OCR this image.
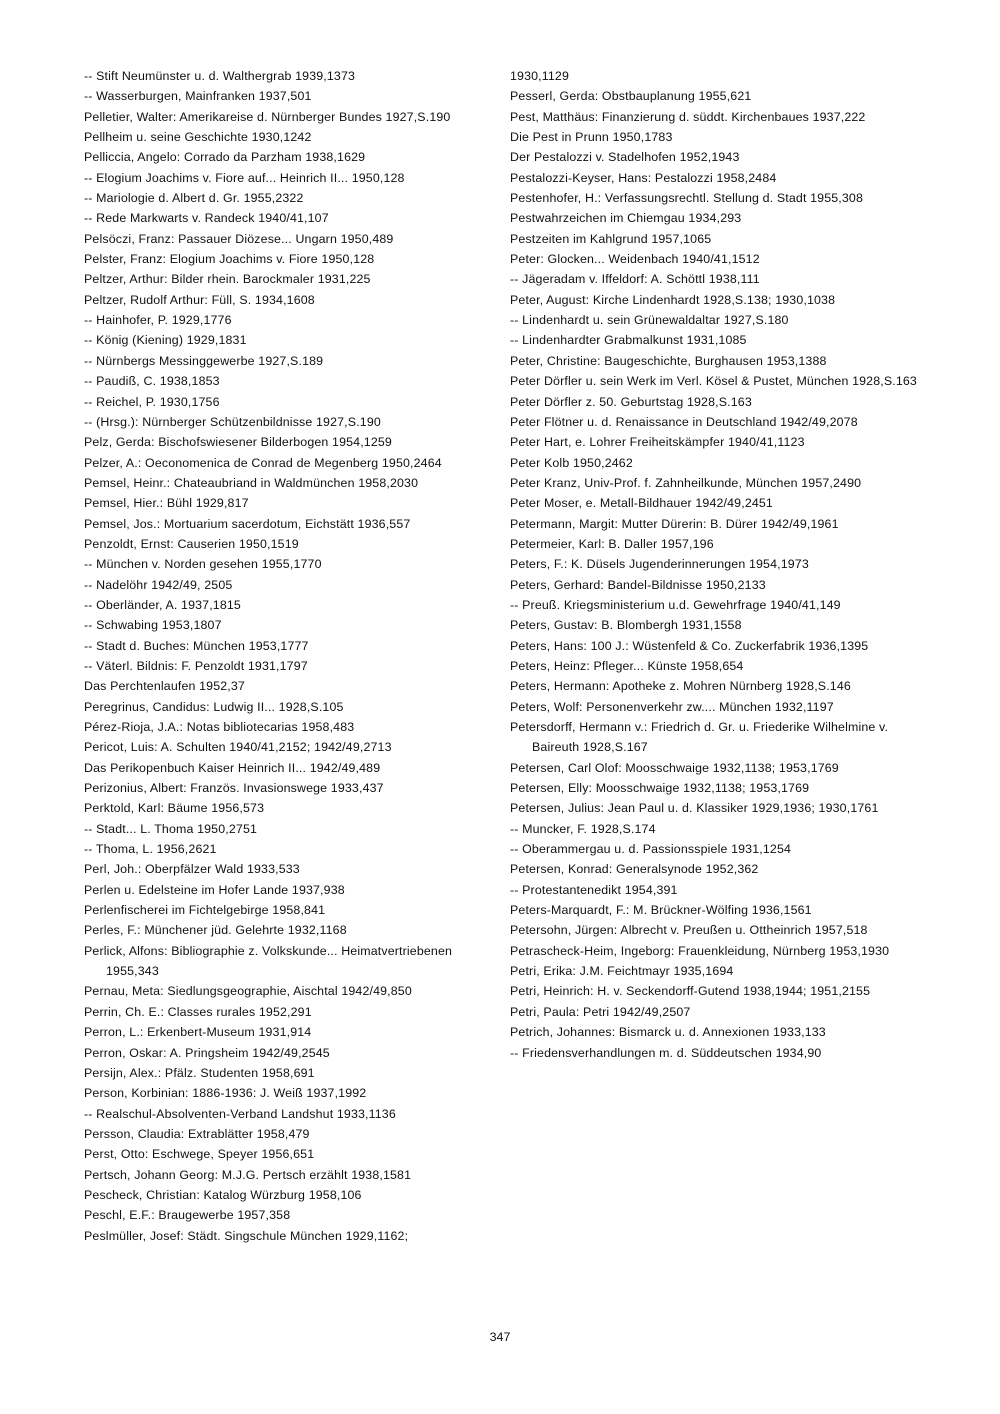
-- Stift Neumünster u. d. Walthergrab 1939,1373
-- Wasserburgen, Mainfranken 1937,501
Pelletier, Walter: Amerikareise d. Nürnberger Bundes 1927,S.190
Pellheim u. seine Geschichte 1930,1242
Pelliccia, Angelo: Corrado da Parzham 1938,1629
-- Elogium Joachims v. Fiore auf... Heinrich II... 1950,128
-- Mariologie d. Albert d. Gr. 1955,2322
-- Rede Markwarts v. Randeck 1940/41,107
Pelsöczi, Franz: Passauer Diözese... Ungarn 1950,489
Pelster, Franz: Elogium Joachims v. Fiore 1950,128
Peltzer, Arthur: Bilder rhein. Barockmaler 1931,225
Peltzer, Rudolf Arthur: Füll, S. 1934,1608
-- Hainhofer, P. 1929,1776
-- König (Kiening) 1929,1831
-- Nürnbergs Messinggewerbe 1927,S.189
-- Paudiß, C. 1938,1853
-- Reichel, P. 1930,1756
-- (Hrsg.): Nürnberger Schützenbildnisse 1927,S.190
Pelz, Gerda: Bischofswiesener Bilderbogen 1954,1259
Pelzer, A.: Oeconomenica de Conrad de Megenberg 1950,2464
Pemsel, Heinr.: Chateaubriand in Waldmünchen 1958,2030
Pemsel, Hier.: Bühl 1929,817
Pemsel, Jos.: Mortuarium sacerdotum, Eichstätt 1936,557
Penzoldt, Ernst: Causerien 1950,1519
-- München v. Norden gesehen 1955,1770
-- Nadelöhr 1942/49, 2505
-- Oberländer, A. 1937,1815
-- Schwabing 1953,1807
-- Stadt d. Buches: München 1953,1777
-- Väterl. Bildnis: F. Penzoldt 1931,1797
Das Perchtenlaufen 1952,37
Peregrinus, Candidus: Ludwig II... 1928,S.105
Pérez-Rioja, J.A.: Notas bibliotecarias 1958,483
Pericot, Luis: A. Schulten 1940/41,2152; 1942/49,2713
Das Perikopenbuch Kaiser Heinrich II... 1942/49,489
Perizonius, Albert: Französ. Invasionswege 1933,437
Perktold, Karl: Bäume 1956,573
-- Stadt... L. Thoma 1950,2751
-- Thoma, L. 1956,2621
Perl, Joh.: Oberpfälzer Wald 1933,533
Perlen u. Edelsteine im Hofer Lande 1937,938
Perlenfischerei im Fichtelgebirge 1958,841
Perles, F.: Münchener jüd. Gelehrte 1932,1168
Perlick, Alfons: Bibliographie z. Volkskunde... Heimatvertriebenen 1955,343
Pernau, Meta: Siedlungsgeographie, Aischtal 1942/49,850
Perrin, Ch. E.: Classes rurales 1952,291
Perron, L.: Erkenbert-Museum 1931,914
Perron, Oskar: A. Pringsheim 1942/49,2545
Persijn, Alex.: Pfälz. Studenten 1958,691
Person, Korbinian: 1886-1936: J. Weiß 1937,1992
-- Realschul-Absolventen-Verband Landshut 1933,1136
Persson, Claudia: Extrablätter 1958,479
Perst, Otto: Eschwege, Speyer 1956,651
Pertsch, Johann Georg: M.J.G. Pertsch erzählt 1938,1581
Pescheck, Christian: Katalog Würzburg 1958,106
Peschl, E.F.: Braugewerbe 1957,358
Peslmüller, Josef: Städt. Singschule München 1929,1162;
1930,1129
Pesserl, Gerda: Obstbauplanung 1955,621
Pest, Matthäus: Finanzierung d. süddt. Kirchenbaues 1937,222
Die Pest in Prunn 1950,1783
Der Pestalozzi v. Stadelhofen 1952,1943
Pestalozzi-Keyser, Hans: Pestalozzi 1958,2484
Pestenhofer, H.: Verfassungsrechtl. Stellung d. Stadt 1955,308
Pestwahrzeichen im Chiemgau 1934,293
Pestzeiten im Kahlgrund 1957,1065
Peter: Glocken... Weidenbach 1940/41,1512
-- Jägeradam v. Iffeldorf: A. Schöttl 1938,111
Peter, August: Kirche Lindenhardt 1928,S.138; 1930,1038
-- Lindenhardt u. sein Grünewaldaltar 1927,S.180
-- Lindenhardter Grabmalkunst 1931,1085
Peter, Christine: Baugeschichte, Burghausen 1953,1388
Peter Dörfler u. sein Werk im Verl. Kösel & Pustet, München 1928,S.163
Peter Dörfler z. 50. Geburtstag 1928,S.163
Peter Flötner u. d. Renaissance in Deutschland 1942/49,2078
Peter Hart, e. Lohrer Freiheitskämpfer 1940/41,1123
Peter Kolb 1950,2462
Peter Kranz, Univ-Prof. f. Zahnheilkunde, München 1957,2490
Peter Moser, e. Metall-Bildhauer 1942/49,2451
Petermann, Margit: Mutter Dürerin: B. Dürer 1942/49,1961
Petermeier, Karl: B. Daller 1957,196
Peters, F.: K. Düsels Jugenderinnerungen 1954,1973
Peters, Gerhard: Bandel-Bildnisse 1950,2133
-- Preuß. Kriegsministerium u.d. Gewehrfrage 1940/41,149
Peters, Gustav: B. Blombergh 1931,1558
Peters, Hans: 100 J.: Wüstenfeld & Co. Zuckerfabrik 1936,1395
Peters, Heinz: Pfleger... Künste 1958,654
Peters, Hermann: Apotheke z. Mohren Nürnberg 1928,S.146
Peters, Wolf: Personenverkehr zw.... München 1932,1197
Petersdorff, Hermann v.: Friedrich d. Gr. u. Friederike Wilhelmine v. Baireuth 1928,S.167
Petersen, Carl Olof: Moosschwaige 1932,1138; 1953,1769
Petersen, Elly: Moosschwaige 1932,1138; 1953,1769
Petersen, Julius: Jean Paul u. d. Klassiker 1929,1936; 1930,1761
-- Muncker, F. 1928,S.174
-- Oberammergau u. d. Passionsspiele 1931,1254
Petersen, Konrad: Generalsynode 1952,362
-- Protestantenedikt 1954,391
Peters-Marquardt, F.: M. Brückner-Wölfing 1936,1561
Petersohn, Jürgen: Albrecht v. Preußen u. Ottheinrich 1957,518
Petrascheck-Heim, Ingeborg: Frauenkleidung, Nürnberg 1953,1930
Petri, Erika: J.M. Feichtmayr 1935,1694
Petri, Heinrich: H. v. Seckendorff-Gutend 1938,1944; 1951,2155
Petri, Paula: Petri 1942/49,2507
Petrich, Johannes: Bismarck u. d. Annexionen 1933,133
-- Friedensverhandlungen m. d. Süddeutschen 1934,90
347
